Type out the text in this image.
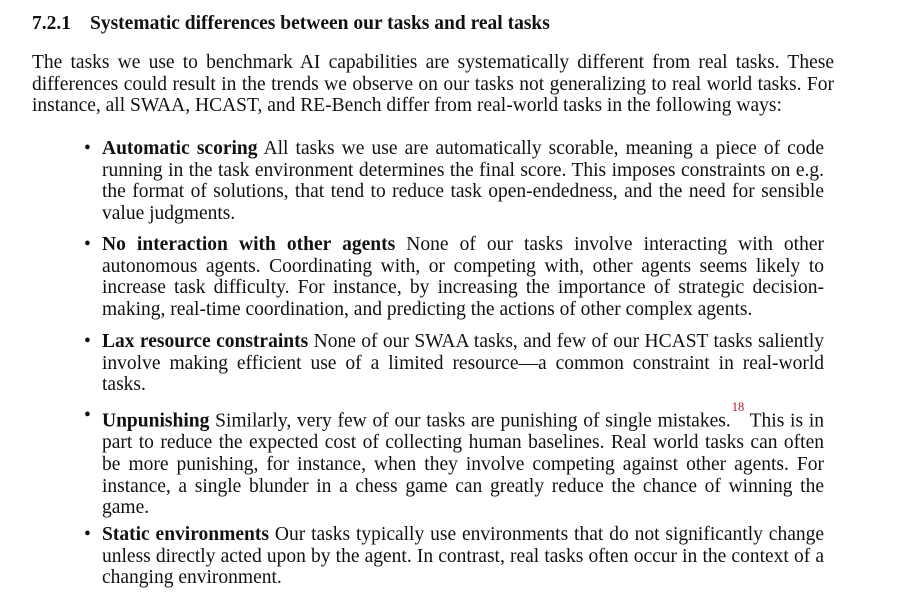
7.2.1 Systematic differences between our tasks and real tasks

The tasks we use to benchmark AI capabilities are systematically different from real tasks. These differences could result in the trends we observe on our tasks not generalizing to real world tasks. For instance, all SWAA, HCAST, and RE-Bench differ from real-world tasks in the following ways:

• Automatic scoring All tasks we use are automatically scorable, meaning a piece of code running in the task environment determines the final score. This imposes constraints on e.g. the format of solutions, that tend to reduce task open-endedness, and the need for sensible value judgments.
• No interaction with other agents None of our tasks involve interacting with other autonomous agents. Coordinating with, or competing with, other agents seems likely to increase task difficulty. For instance, by increasing the importance of strategic decision-making, real-time coordination, and predicting the actions of other complex agents.
• Lax resource constraints None of our SWAA tasks, and few of our HCAST tasks saliently involve making efficient use of a limited resource—a common constraint in real-world tasks.
• Unpunishing Similarly, very few of our tasks are punishing of single mistakes.$^{18}$ This is in part to reduce the expected cost of collecting human baselines. Real world tasks can often be more punishing, for instance, when they involve competing against other agents. For instance, a single blunder in a chess game can greatly reduce the chance of winning the game.
• Static environments Our tasks typically use environments that do not significantly change unless directly acted upon by the agent. In contrast, real tasks often occur in the context of a changing environment.
